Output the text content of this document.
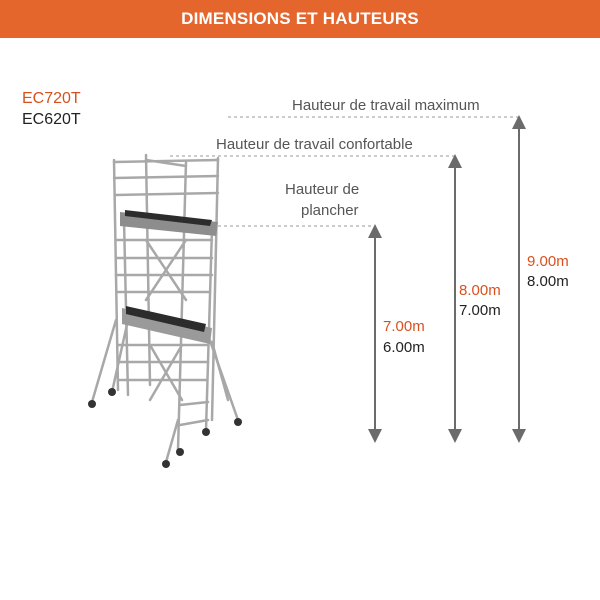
DIMENSIONS ET HAUTEURS
EC720T
EC620T
Hauteur de travail maximum
Hauteur de travail confortable
Hauteur de
plancher
9.00m
8.00m
8.00m
7.00m
7.00m
6.00m
